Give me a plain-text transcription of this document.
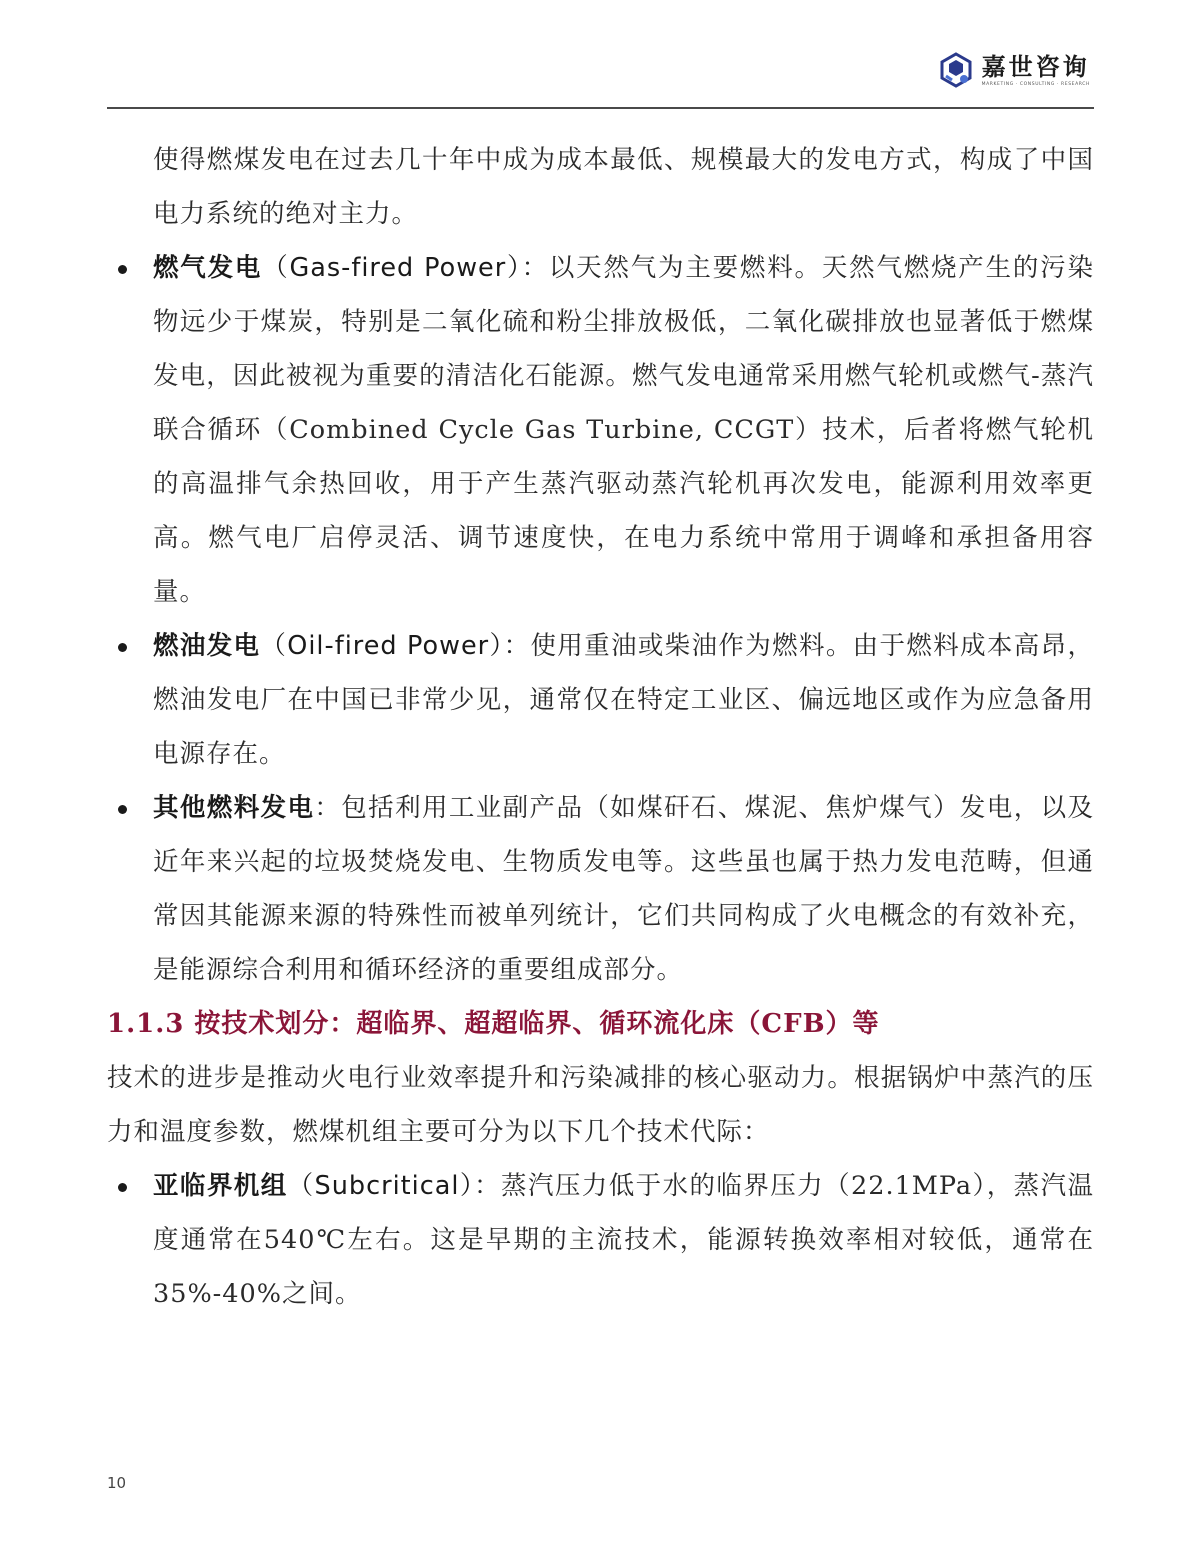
嘉世咨询
MARKETING · CONSULTING · RESEARCH

使得燃煤发电在过去几十年中成为成本最低、规模最大的发电方式，构成了中国电力系统的绝对主力。

燃气发电（Gas-fired Power）：以天然气为主要燃料。天然气燃烧产生的污染物远少于煤炭，特别是二氧化硫和粉尘排放极低，二氧化碳排放也显著低于燃煤发电，因此被视为重要的清洁化石能源。燃气发电通常采用燃气轮机或燃气-蒸汽联合循环（Combined Cycle Gas Turbine, CCGT）技术，后者将燃气轮机的高温排气余热回收，用于产生蒸汽驱动蒸汽轮机再次发电，能源利用效率更高。燃气电厂启停灵活、调节速度快，在电力系统中常用于调峰和承担备用容量。

燃油发电（Oil-fired Power）：使用重油或柴油作为燃料。由于燃料成本高昂，燃油发电厂在中国已非常少见，通常仅在特定工业区、偏远地区或作为应急备用电源存在。

其他燃料发电：包括利用工业副产品（如煤矸石、煤泥、焦炉煤气）发电，以及近年来兴起的垃圾焚烧发电、生物质发电等。这些虽也属于热力发电范畴，但通常因其能源来源的特殊性而被单列统计，它们共同构成了火电概念的有效补充，是能源综合利用和循环经济的重要组成部分。

1.1.3 按技术划分：超临界、超超临界、循环流化床（CFB）等

技术的进步是推动火电行业效率提升和污染减排的核心驱动力。根据锅炉中蒸汽的压力和温度参数，燃煤机组主要可分为以下几个技术代际：

亚临界机组（Subcritical）：蒸汽压力低于水的临界压力（22.1MPa），蒸汽温度通常在540℃左右。这是早期的主流技术，能源转换效率相对较低，通常在35%-40%之间。

10
